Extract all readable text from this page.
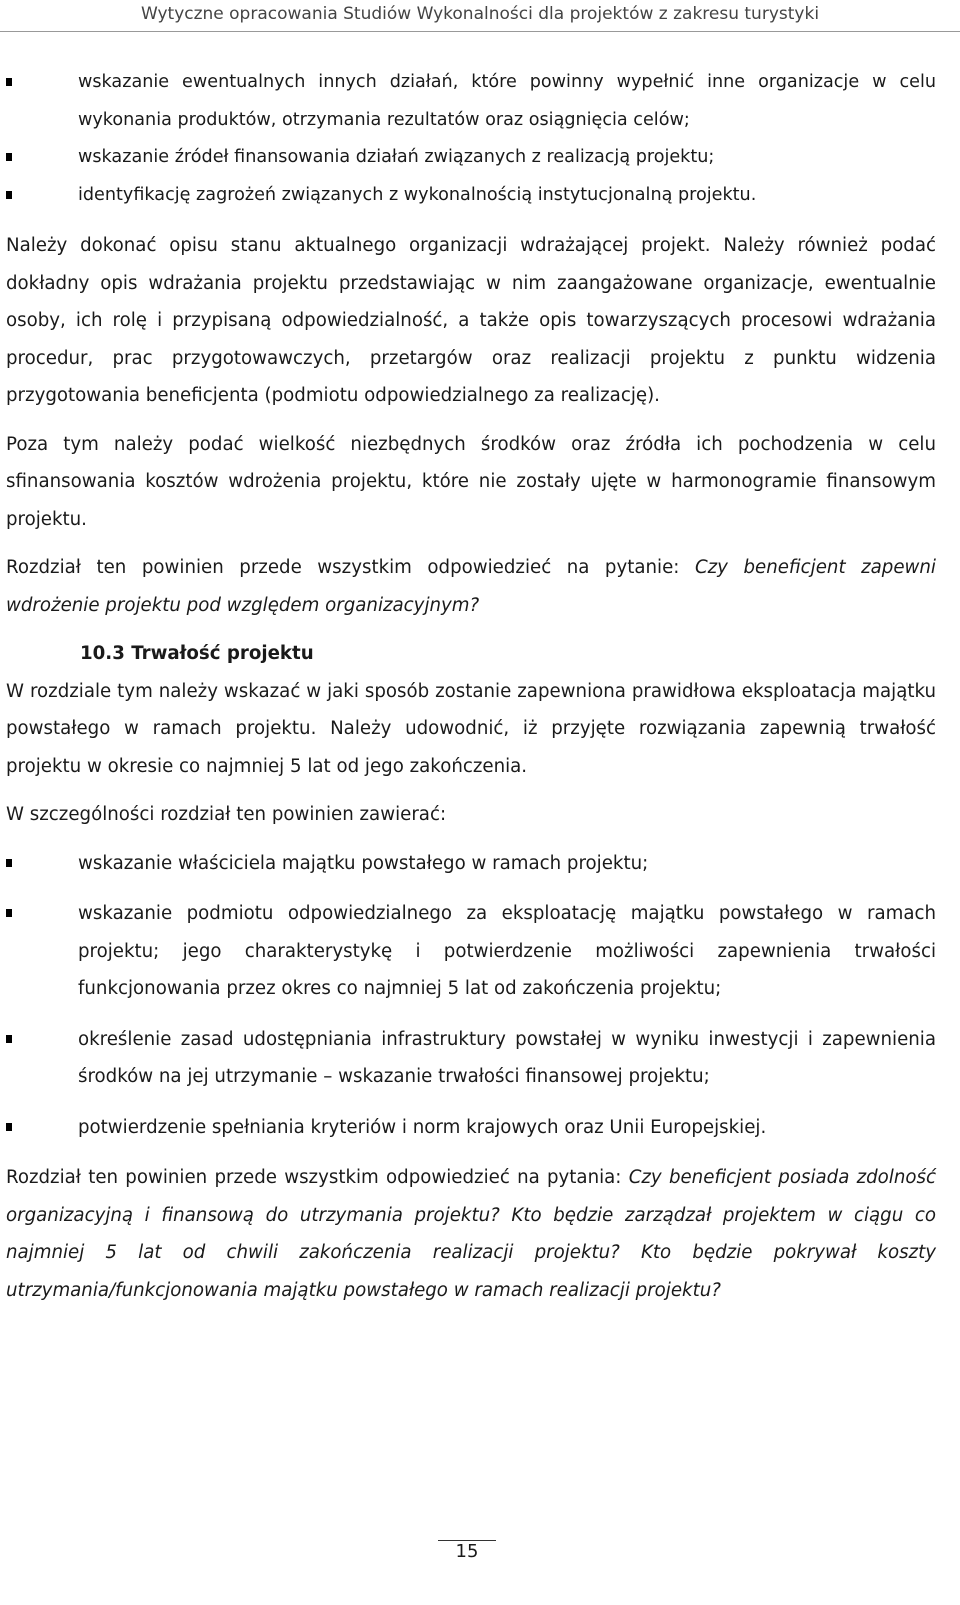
Wytyczne opracowania Studiów Wykonalności dla projektów z zakresu turystyki
wskazanie ewentualnych innych działań, które powinny wypełnić inne organizacje w celu wykonania produktów, otrzymania rezultatów oraz osiągnięcia celów;
wskazanie źródeł finansowania działań związanych z realizacją projektu;
identyfikację zagrożeń związanych z wykonalnością instytucjonalną projektu.

Należy dokonać opisu stanu aktualnego organizacji wdrażającej projekt. Należy również podać dokładny opis wdrażania projektu przedstawiając w nim zaangażowane organizacje, ewentualnie osoby, ich rolę i przypisaną odpowiedzialność, a także opis towarzyszących procesowi wdrażania procedur, prac przygotowawczych, przetargów oraz realizacji projektu z punktu widzenia przygotowania beneficjenta (podmiotu odpowiedzialnego za realizację).

Poza tym należy podać wielkość niezbędnych środków oraz źródła ich pochodzenia w celu sfinansowania kosztów wdrożenia projektu, które nie zostały ujęte w harmonogramie finansowym projektu.

Rozdział ten powinien przede wszystkim odpowiedzieć na pytanie: Czy beneficjent zapewni wdrożenie projektu pod względem organizacyjnym?

10.3 Trwałość projektu

W rozdziale tym należy wskazać w jaki sposób zostanie zapewniona prawidłowa eksploatacja majątku powstałego w ramach projektu. Należy udowodnić, iż przyjęte rozwiązania zapewnią trwałość projektu w okresie co najmniej 5 lat od jego zakończenia.

W szczególności rozdział ten powinien zawierać:

wskazanie właściciela majątku powstałego w ramach projektu;
wskazanie podmiotu odpowiedzialnego za eksploatację majątku powstałego w ramach projektu; jego charakterystykę i potwierdzenie możliwości zapewnienia trwałości funkcjonowania przez okres co najmniej 5 lat od zakończenia projektu;
określenie zasad udostępniania infrastruktury powstałej w wyniku inwestycji i zapewnienia środków na jej utrzymanie – wskazanie trwałości finansowej projektu;
potwierdzenie spełniania kryteriów i norm krajowych oraz Unii Europejskiej.

Rozdział ten powinien przede wszystkim odpowiedzieć na pytania: Czy beneficjent posiada zdolność organizacyjną i finansową do utrzymania projektu? Kto będzie zarządzał projektem w ciągu co najmniej 5 lat od chwili zakończenia realizacji projektu? Kto będzie pokrywał koszty utrzymania/funkcjonowania majątku powstałego w ramach realizacji projektu?

15
